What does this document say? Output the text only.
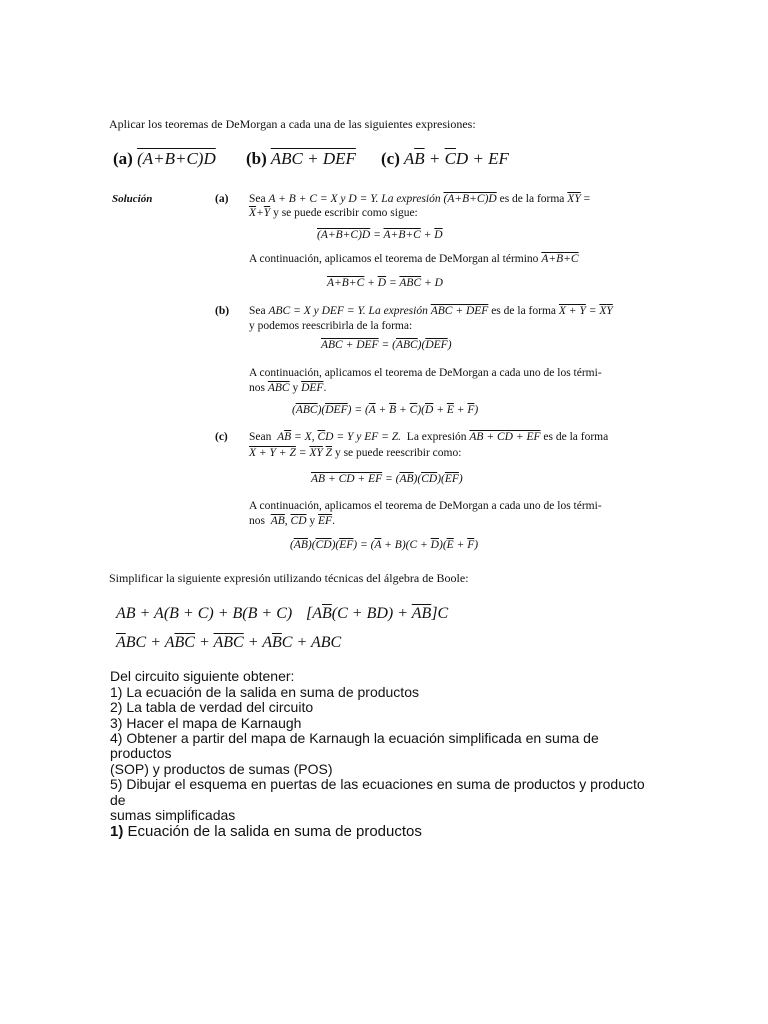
Aplicar los teoremas de DeMorgan a cada una de las siguientes expresiones:
(a) (A+B+C)D (b) ABC + DEF (c) $A\overline{B} + \overline{C}D$ + EF
Solución	(a) Sea A + B + C = X y D = Y. La expresión (A+B+C)D es de la forma $\overline{XY}$ =
$\overline{X}+\overline{Y}$ y se puede escribir como sigue:
$(A+B+C)D = A+B+C + \overline{D}$
A continuación, aplicamos el teorema de DeMorgan al término A+B+C
$A+B+C + D = \overline{A}\overline{B}\overline{C} + D$
(b) Sea ABC = X y DEF = Y. La expresión ABC + DEF es de la forma $X + Y = \overline{X}\overline{Y}$
y podemos reescribirla de la forma:
ABC + DEF = $(\overline{ABC})(\overline{DEF})$
A continuación, aplicamos el teorema de DeMorgan a cada uno de los térmi-
nos $\overline{ABC}$ y $\overline{DEF}$.
$(ABC)(DEF) = (\overline{A} + \overline{B} + \overline{C})(\overline{D} + \overline{E} + \overline{F})$
(c) Sean $A\overline{B} = X$, $\overline{C}D = Y$ y EF = Z. La expresión AB + CD + EF es de la forma
$X + Y + Z = \overline{X}\overline{Y}$ $\overline{Z}$ y se puede reescribir como:
AB + CD + EF = $(AB)(CD)(\overline{EF})$
A continuación, aplicamos el teorema de DeMorgan a cada uno de los térmi-
nos AB, CD y $\overline{EF}$.
$(AB)(CD)(EF) = (\overline{A} + B)(C + \overline{D})(\overline{E} + \overline{F})$
Simplificar la siguiente expresión utilizando técnicas del álgebra de Boole:
AB + A(B + C) + B(B + C) $[A\overline{B}(C + BD) + \overline{A}\overline{B}]C$
$\overline{A}BC + A\overline{B}\overline{C} + \overline{A}\overline{B}\overline{C} + A\overline{B}C$ + ABC
Del circuito siguiente obtener:
1) La ecuación de la salida en suma de productos
2) La tabla de verdad del circuito
3) Hacer el mapa de Karnaugh
4) Obtener a partir del mapa de Karnaugh la ecuación simplificada en suma de
productos
(SOP) y productos de sumas (POS)
5) Dibujar el esquema en puertas de las ecuaciones en suma de productos y producto
de
sumas simplificadas
1) Ecuación de la salida en suma de productos
